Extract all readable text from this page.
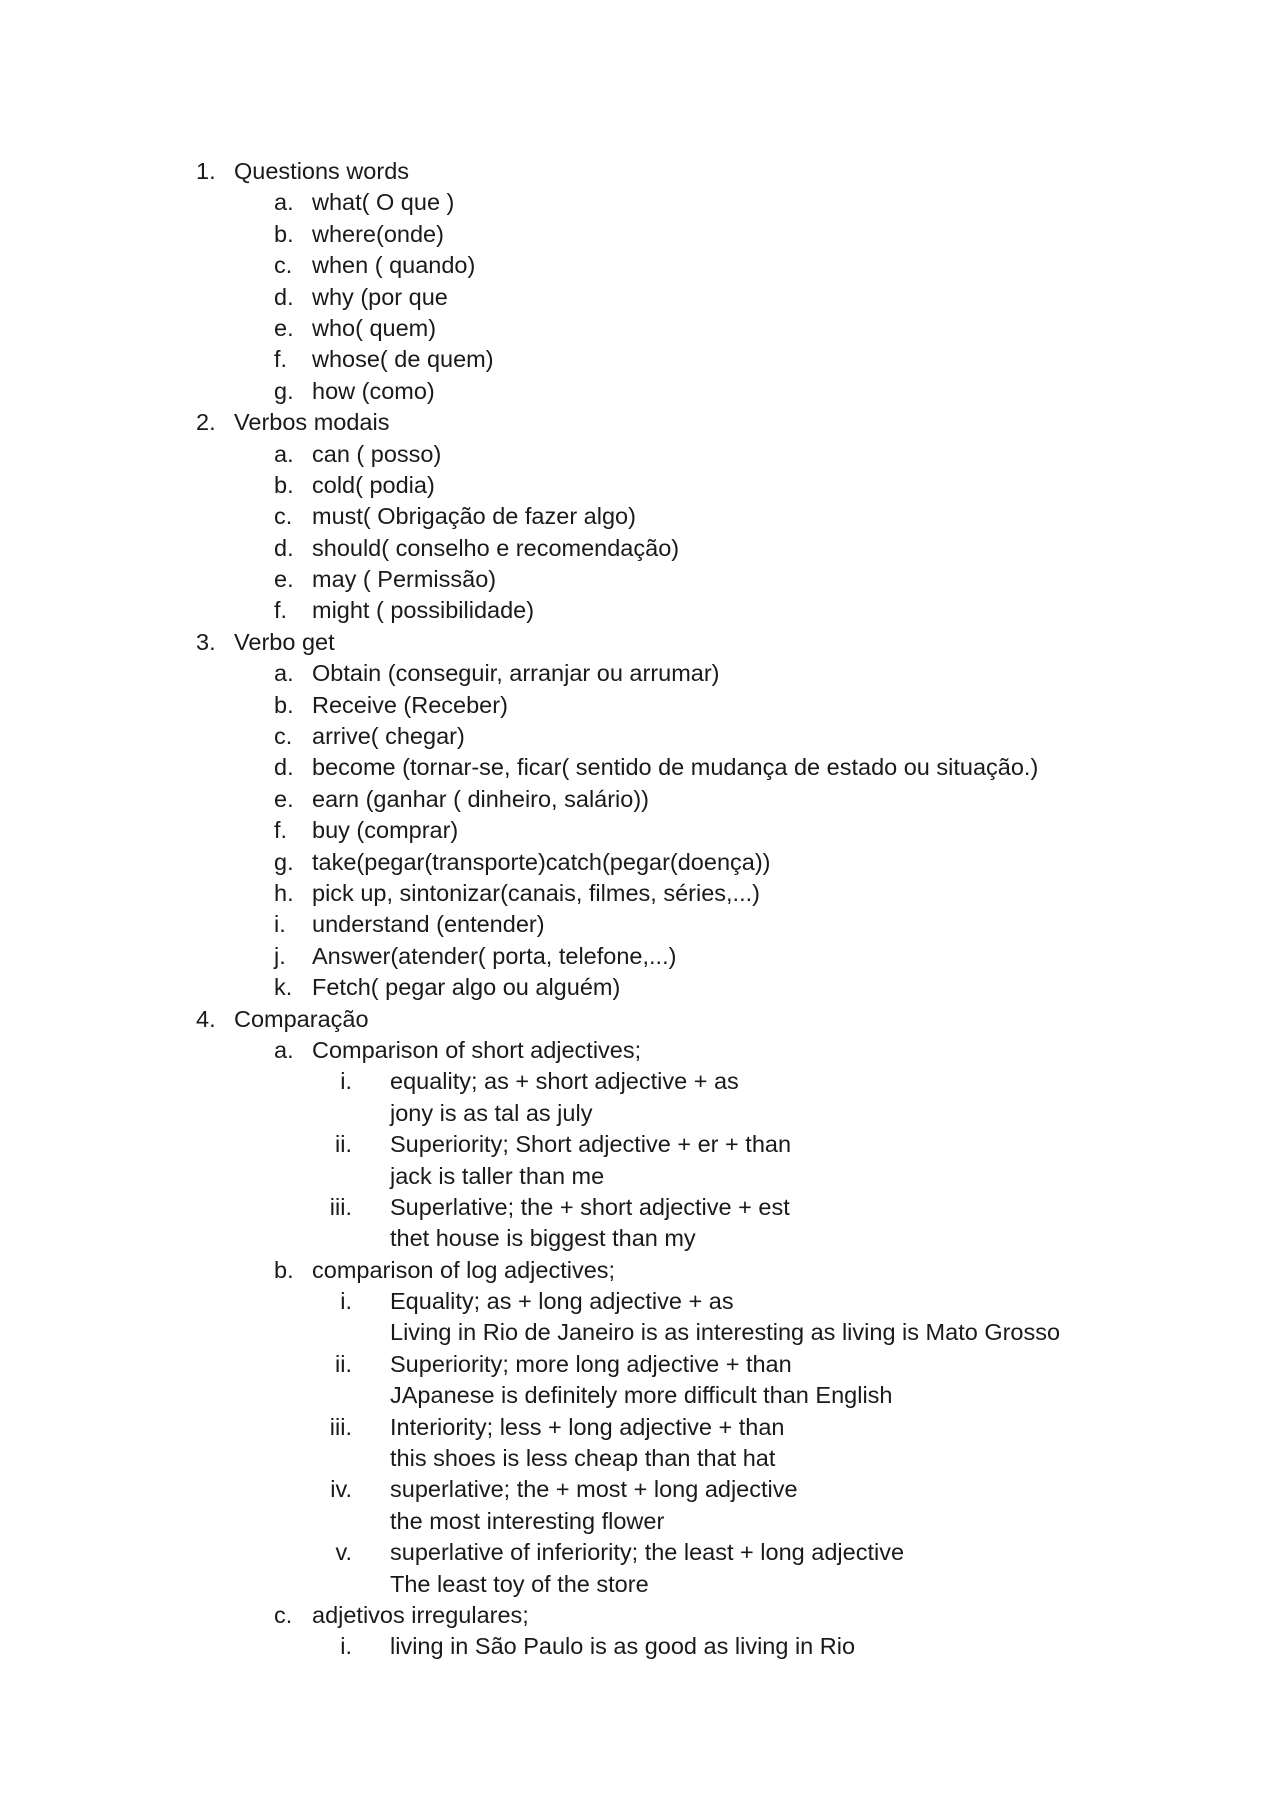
1. Questions words
a. what( O que )
b. where(onde)
c. when ( quando)
d. why (por que
e. who( quem)
f. whose( de quem)
g. how (como)
2. Verbos modais
a. can ( posso)
b. cold( podia)
c. must( Obrigação de fazer algo)
d. should( conselho e recomendação)
e. may ( Permissão)
f. might ( possibilidade)
3. Verbo get
a. Obtain (conseguir, arranjar ou arrumar)
b. Receive (Receber)
c. arrive( chegar)
d. become (tornar-se, ficar( sentido de mudança de estado ou situação.)
e. earn (ganhar ( dinheiro, salário))
f. buy (comprar)
g. take(pegar(transporte)catch(pegar(doença))
h. pick up, sintonizar(canais, filmes, séries,...)
i. understand (entender)
j. Answer(atender( porta, telefone,...)
k. Fetch( pegar algo ou alguém)
4. Comparação
a. Comparison of short adjectives;
i. equality; as + short adjective + as
jony is as tal as july
ii. Superiority; Short adjective + er + than
jack is taller than me
iii. Superlative; the + short adjective + est
thet house is biggest than my
b. comparison of log adjectives;
i. Equality; as + long adjective + as
Living in Rio de Janeiro is as interesting as living is Mato Grosso
ii. Superiority; more long adjective + than
JApanese is definitely more difficult than English
iii. Interiority; less + long adjective + than
this shoes is less cheap than that hat
iv. superlative; the + most + long adjective
the most interesting flower
v. superlative of inferiority; the least + long adjective
The least toy of the store
c. adjetivos irregulares;
i. living in São Paulo is as good as living in Rio
